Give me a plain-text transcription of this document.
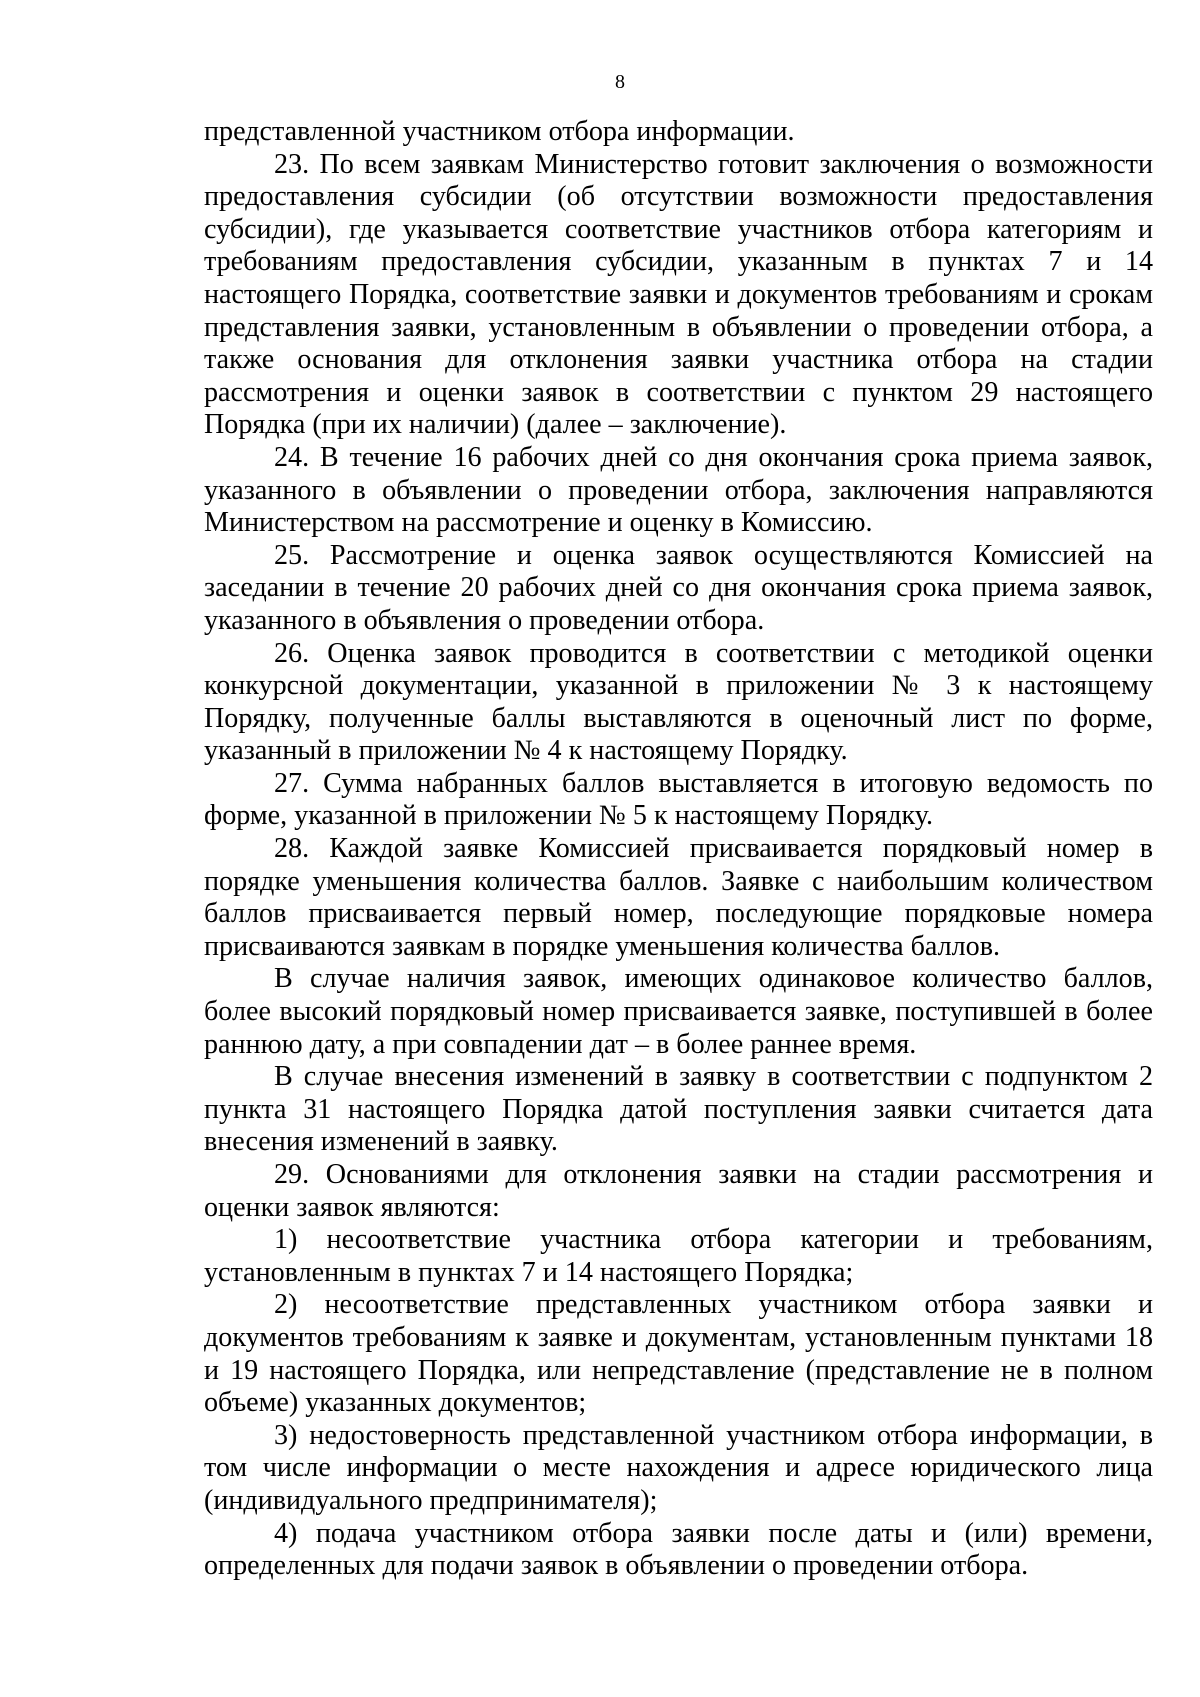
8

представленной участником отбора информации.

23. По всем заявкам Министерство готовит заключения о возможности предоставления субсидии (об отсутствии возможности предоставления субсидии), где указывается соответствие участников отбора категориям и требованиям предоставления субсидии, указанным в пунктах 7 и 14 настоящего Порядка, соответствие заявки и документов требованиям и срокам представления заявки, установленным в объявлении о проведении отбора, а также основания для отклонения заявки участника отбора на стадии рассмотрения и оценки заявок в соответствии с пунктом 29 настоящего Порядка (при их наличии) (далее – заключение).

24. В течение 16 рабочих дней со дня окончания срока приема заявок, указанного в объявлении о проведении отбора, заключения направляются Министерством на рассмотрение и оценку в Комиссию.

25. Рассмотрение и оценка заявок осуществляются Комиссией на заседании в течение 20 рабочих дней со дня окончания срока приема заявок, указанного в объявления о проведении отбора.

26. Оценка заявок проводится в соответствии с методикой оценки конкурсной документации, указанной в приложении № 3 к настоящему Порядку, полученные баллы выставляются в оценочный лист по форме, указанный в приложении № 4 к настоящему Порядку.

27. Сумма набранных баллов выставляется в итоговую ведомость по форме, указанной в приложении № 5 к настоящему Порядку.

28. Каждой заявке Комиссией присваивается порядковый номер в порядке уменьшения количества баллов. Заявке с наибольшим количеством баллов присваивается первый номер, последующие порядковые номера присваиваются заявкам в порядке уменьшения количества баллов.

В случае наличия заявок, имеющих одинаковое количество баллов, более высокий порядковый номер присваивается заявке, поступившей в более раннюю дату, а при совпадении дат – в более раннее время.

В случае внесения изменений в заявку в соответствии с подпунктом 2 пункта 31 настоящего Порядка датой поступления заявки считается дата внесения изменений в заявку.

29. Основаниями для отклонения заявки на стадии рассмотрения и оценки заявок являются:

1) несоответствие участника отбора категории и требованиям, установленным в пунктах 7 и 14 настоящего Порядка;

2) несоответствие представленных участником отбора заявки и документов требованиям к заявке и документам, установленным пунктами 18 и 19 настоящего Порядка, или непредставление (представление не в полном объеме) указанных документов;

3) недостоверность представленной участником отбора информации, в том числе информации о месте нахождения и адресе юридического лица (индивидуального предпринимателя);

4) подача участником отбора заявки после даты и (или) времени, определенных для подачи заявок в объявлении о проведении отбора.
